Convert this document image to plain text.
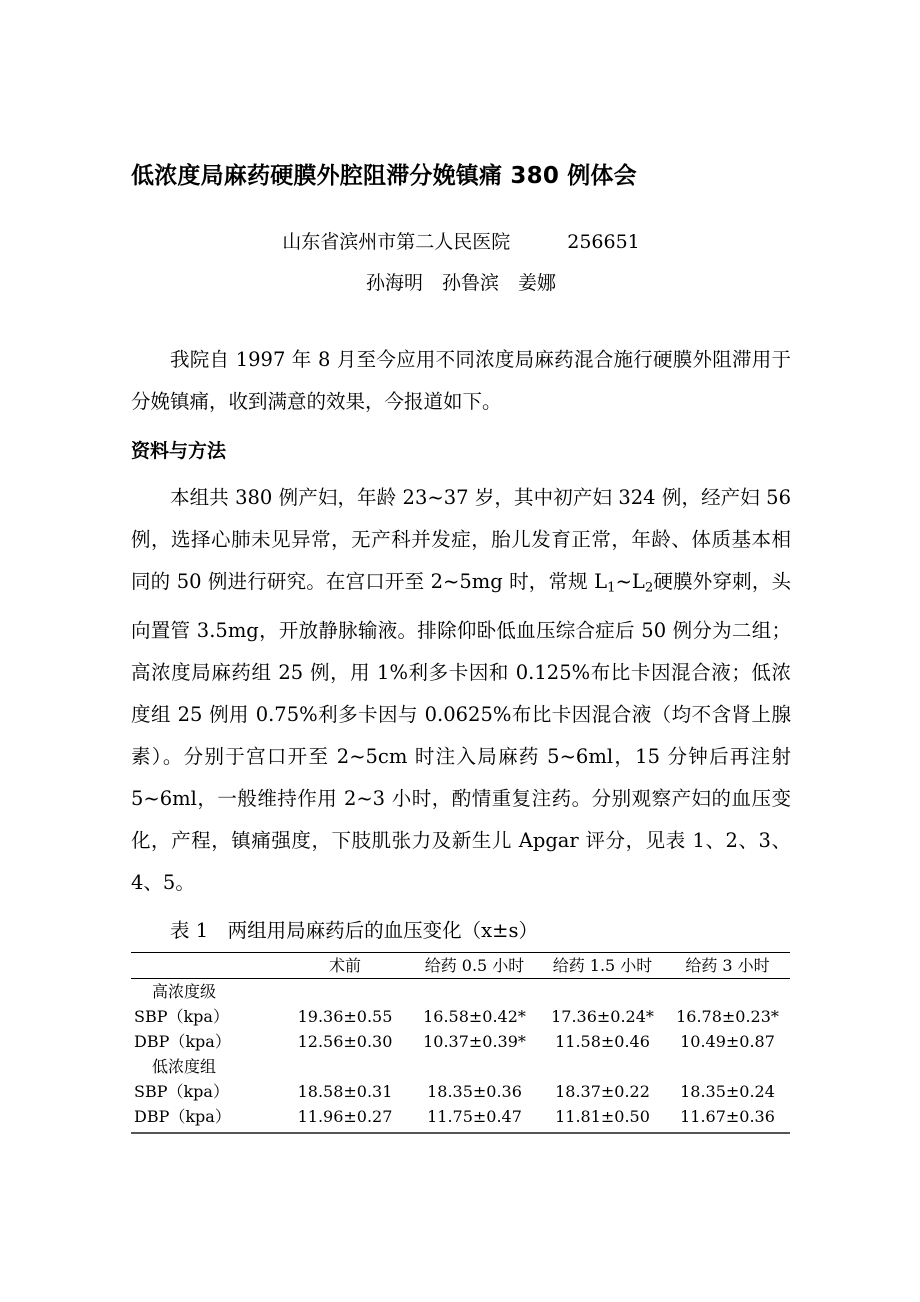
低浓度局麻药硬膜外腔阻滞分娩镇痛 380 例体会
山东省滨州市第二人民医院　　　256651
孙海明　孙鲁滨　姜娜

我院自 1997 年 8 月至今应用不同浓度局麻药混合施行硬膜外阻滞用于分娩镇痛，收到满意的效果，今报道如下。

资料与方法

本组共 380 例产妇，年龄 23~37 岁，其中初产妇 324 例，经产妇 56 例，选择心肺未见异常，无产科并发症，胎儿发育正常，年龄、体质基本相同的 50 例进行研究。在宫口开至 2~5mg 时，常规 $L_1\sim L_2$硬膜外穿刺，头向置管 3.5mg，开放静脉输液。排除仰卧低血压综合症后 50 例分为二组；高浓度局麻药组 25 例，用 1%利多卡因和 0.125%布比卡因混合液；低浓度组 25 例用 0.75%利多卡因与 0.0625%布比卡因混合液（均不含肾上腺素）。分别于宫口开至 2~5cm 时注入局麻药 5~6ml，15 分钟后再注射 5~6ml，一般维持作用 2~3 小时，酌情重复注药。分别观察产妇的血压变化，产程，镇痛强度，下肢肌张力及新生儿 Apgar 评分，见表 1、2、3、4、5。

表 1　两组用局麻药后的血压变化（x±s）
	术前	给药 0.5 小时	给药 1.5 小时	给药 3 小时
高浓度级				
SBP（kpa）	19.36±0.55	16.58±0.42*	17.36±0.24*	16.78±0.23*
DBP（kpa）	12.56±0.30	10.37±0.39*	11.58±0.46	10.49±0.87
低浓度组				
SBP（kpa）	18.58±0.31	18.35±0.36	18.37±0.22	18.35±0.24
DBP（kpa）	11.96±0.27	11.75±0.47	11.81±0.50	11.67±0.36
